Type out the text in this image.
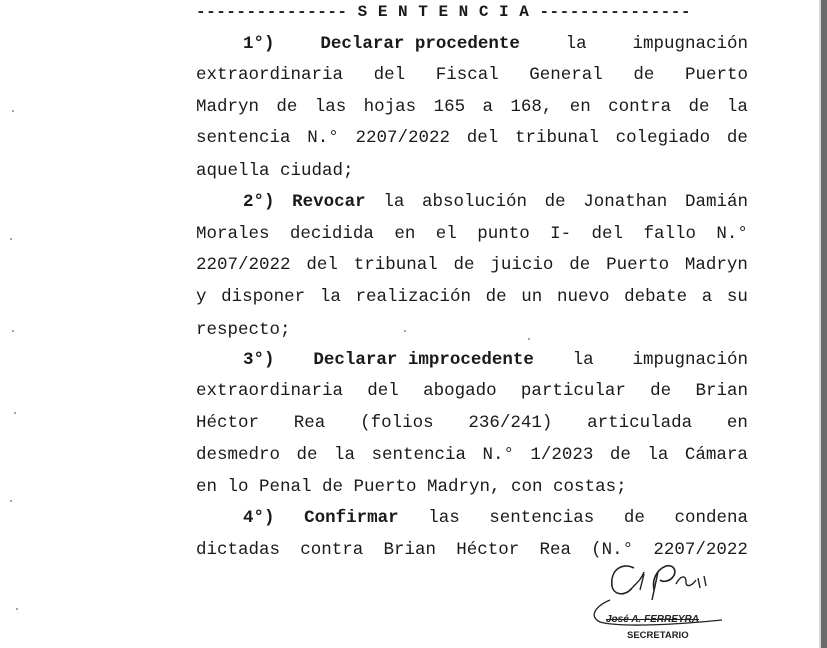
--------------- S E N T E N C I A ---------------
1°)	Declarar procedente	la	impugnación
extraordinaria del Fiscal General de Puerto
Madryn de las hojas 165 a 168, en contra de la
sentencia N.° 2207/2022 del tribunal colegiado de
aquella ciudad;
2°) Revocar la absolución de Jonathan Damián
Morales decidida en el punto I- del fallo N.°
2207/2022 del tribunal de juicio de Puerto Madryn
y disponer la realización de un nuevo debate a su
respecto;
3°) Declarar improcedente la impugnación
extraordinaria del abogado particular de Brian
Héctor Rea (folios 236/241) articulada en
desmedro de la sentencia N.° 1/2023 de la Cámara
en lo Penal de Puerto Madryn, con costas;
4°) Confirmar las sentencias de condena
dictadas contra Brian Héctor Rea (N.° 2207/2022
José A. FERREYRA
SECRETARIO
